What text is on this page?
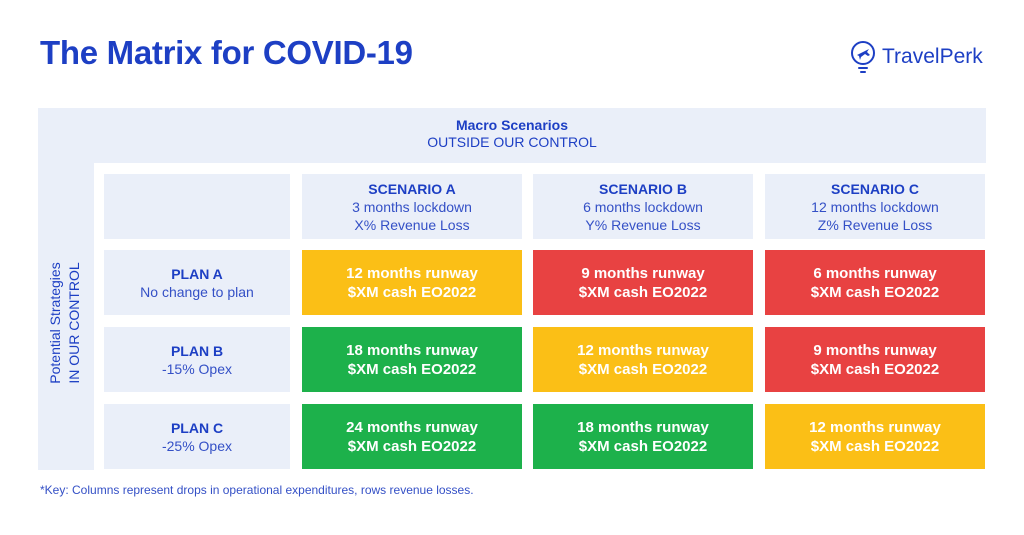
The Matrix for COVID-19	TravelPerk
Macro Scenarios
OUTSIDE OUR CONTROL
Potential Strategies IN OUR CONTROL
SCENARIO A
3 months lockdown
X% Revenue Loss
SCENARIO B
6 months lockdown
Y% Revenue Loss
SCENARIO C
12 months lockdown
Z% Revenue Loss
PLAN A
No change to plan
PLAN B
-15% Opex
PLAN C
-25% Opex
12 months runway
$XM cash EO2022
9 months runway
$XM cash EO2022
6 months runway
$XM cash EO2022
18 months runway
$XM cash EO2022
12 months runway
$XM cash EO2022
9 months runway
$XM cash EO2022
24 months runway
$XM cash EO2022
18 months runway
$XM cash EO2022
12 months runway
$XM cash EO2022
*Key: Columns represent drops in operational expenditures, rows revenue losses.
